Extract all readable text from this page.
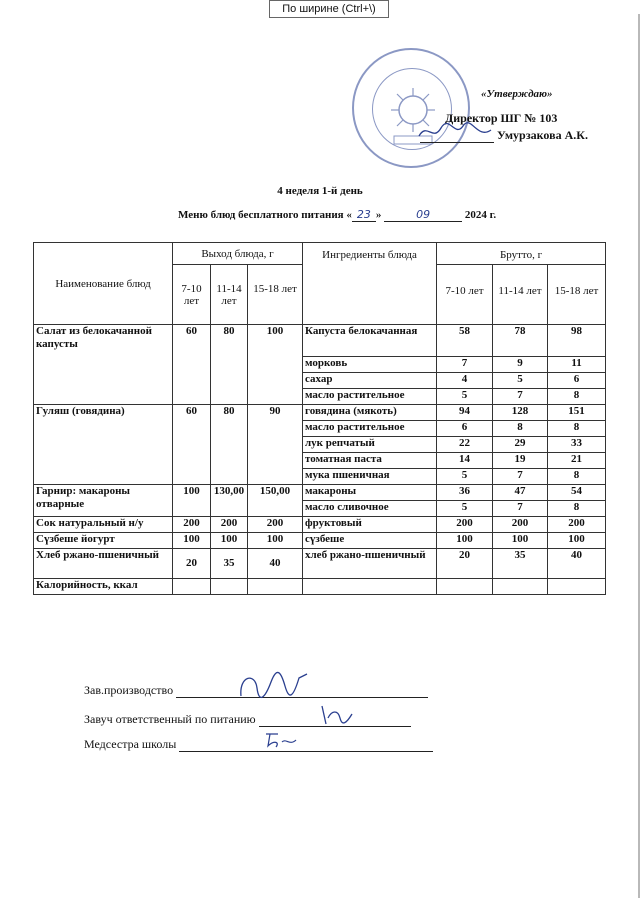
По ширине (Ctrl+\)
«Утверждаю»
Директор ШГ № 103
Умурзакова А.К.
4 неделя 1-й день
Меню блюд бесплатного питания « 23 »	09	2024 г.
Наименование блюд	Выход блюда, г			Ингредиенты блюда	Брутто, г		
	7-10 лет	11-14 лет	15-18 лет		7-10 лет	11-14 лет	15-18 лет
Салат из белокачанной капусты	60	80	100	Капуста белокачанная	58	78	98
				морковь	7	9	11
				сахар	4	5	6
				масло растительное	5	7	8
Гуляш (говядина)	60	80	90	говядина (мякоть)	94	128	151
				масло растительное	6	8	8
				лук репчатый	22	29	33
				томатная паста	14	19	21
				мука пшеничная	5	7	8
Гарнир: макароны отварные	100	130,00	150,00	макароны	36	47	54
				масло сливочное	5	7	8
Сок натуральный н/у	200	200	200	фруктовый	200	200	200
Сүзбеше йогурт	100	100	100	сүзбеше	100	100	100
Хлеб ржано-пшеничный	20	35	40	хлеб ржано-пшеничный	20	35	40
Калорийность, ккал							
Зав.производство
Завуч ответственный по питанию
Медсестра школы
